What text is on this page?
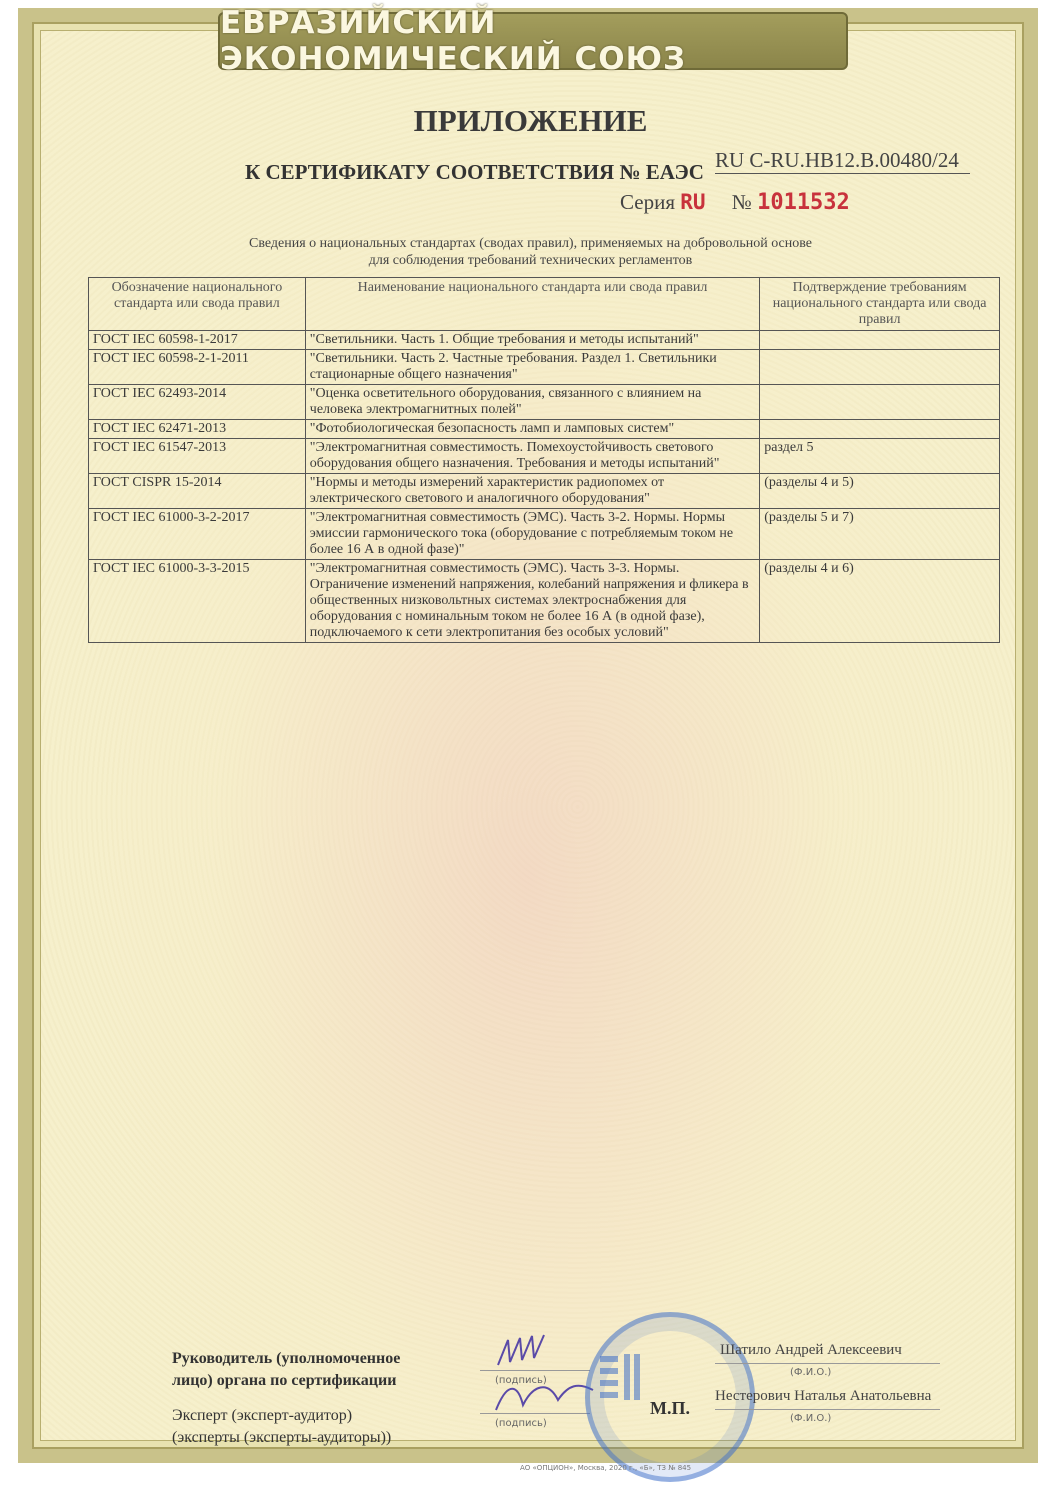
ЕВРАЗИЙСКИЙ ЭКОНОМИЧЕСКИЙ СОЮЗ
ПРИЛОЖЕНИЕ
К СЕРТИФИКАТУ СООТВЕТСТВИЯ № ЕАЭС RU C-RU.HB12.B.00480/24
Серия RU № 1011532
Сведения о национальных стандартах (сводах правил), применяемых на добровольной основе
для соблюдения требований технических регламентов
Обозначение национального стандарта или свода правил	Наименование национального стандарта или свода правил	Подтверждение требованиям национального стандарта или свода правил
ГОСТ IEC 60598-1-2017	"Светильники. Часть 1. Общие требования и методы испытаний"	
ГОСТ IEC 60598-2-1-2011	"Светильники. Часть 2. Частные требования. Раздел 1. Светильники стационарные общего назначения"	
ГОСТ IEC 62493-2014	"Оценка осветительного оборудования, связанного с влиянием на человека электромагнитных полей"	
ГОСТ IEC 62471-2013	"Фотобиологическая безопасность ламп и ламповых систем"	
ГОСТ IEC 61547-2013	"Электромагнитная совместимость. Помехоустойчивость светового оборудования общего назначения. Требования и методы испытаний"	раздел 5
ГОСТ CISPR 15-2014	"Нормы и методы измерений характеристик радиопомех от электрического светового и аналогичного оборудования"	(разделы 4 и 5)
ГОСТ IEC 61000-3-2-2017	"Электромагнитная совместимость (ЭМС). Часть 3-2. Нормы. Нормы эмиссии гармонического тока (оборудование с потребляемым током не более 16 А в одной фазе)"	(разделы 5 и 7)
ГОСТ IEC 61000-3-3-2015	"Электромагнитная совместимость (ЭМС). Часть 3-3. Нормы. Ограничение изменений напряжения, колебаний напряжения и фликера в общественных низковольтных системах электроснабжения для оборудования с номинальным током не более 16 А (в одной фазе), подключаемого к сети электропитания без особых условий"	(разделы 4 и 6)
Руководитель (уполномоченное
лицо) органа по сертификации
Эксперт (эксперт-аудитор)
(эксперты (эксперты-аудиторы))
(подпись)
(подпись)
М.П.
Шатило Андрей Алексеевич
(Ф.И.О.)
Нестерович Наталья Анатольевна
(Ф.И.О.)
АО «ОПЦИОН», Москва, 2020 г., «Б», ТЗ № 845
